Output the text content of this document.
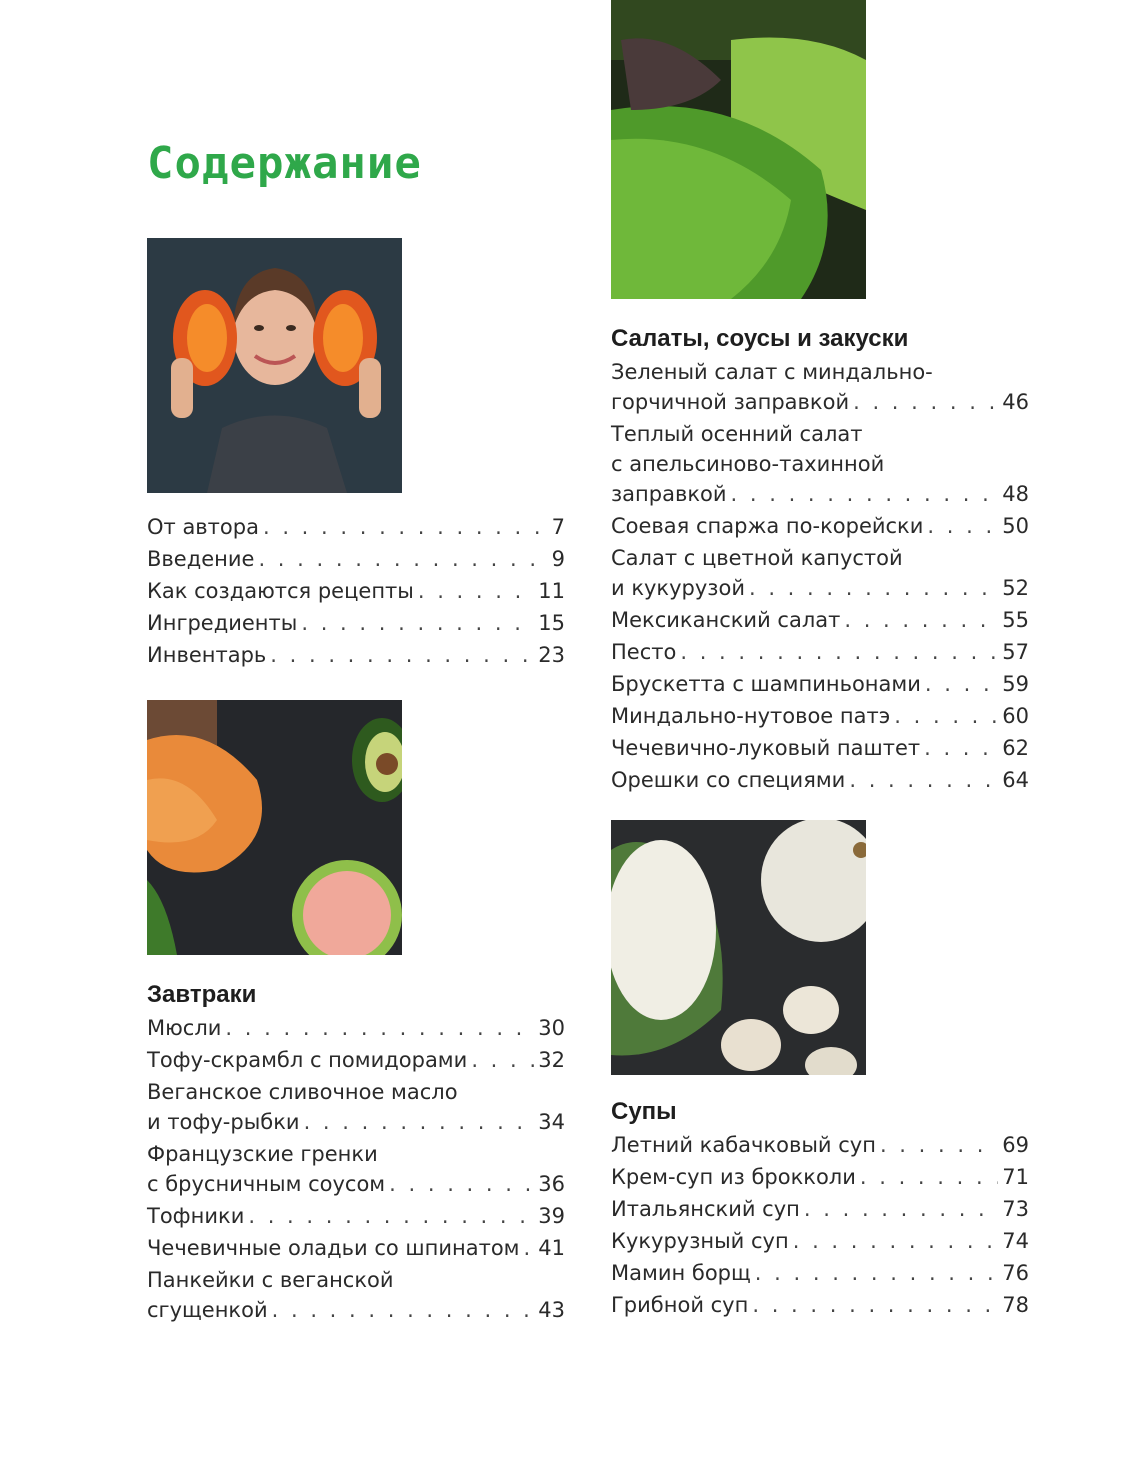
Содержание
От автора . . .	7
Введение . . .	9
Как создаются рецепты . . .	11
Ингредиенты . . .	15
Инвентарь . . .	23
Завтраки
Мюсли . . .	30
Тофу-скрамбл с помидорами . . .	32
Веганское сливочное масло
и тофу-рыбки . . .	34
Французские гренки
с брусничным соусом . . .	36
Тофники . . .	39
Чечевичные оладьи со шпинатом . . . 41
Панкейки с веганской
сгущенкой . . .	43
Салаты, соусы и закуски
Зеленый салат с миндально-
горчичной заправкой . . .	46
Теплый осенний салат
с апельсиново-тахинной
заправкой . . .	48
Соевая спаржа по-корейски . . .	50
Салат с цветной капустой
и кукурузой . . .	52
Мексиканский салат . . .	55
Песто . . .	57
Брускетта с шампиньонами . . .	59
Миндально-нутовое патэ . . .	60
Чечевично-луковый паштет . . .	62
Орешки со специями . . .	64
Супы
Летний кабачковый суп . . .	69
Крем-суп из брокколи . . .	71
Итальянский суп . . .	73
Кукурузный суп . . .	74
Мамин борщ . . .	76
Грибной суп . . .	78
